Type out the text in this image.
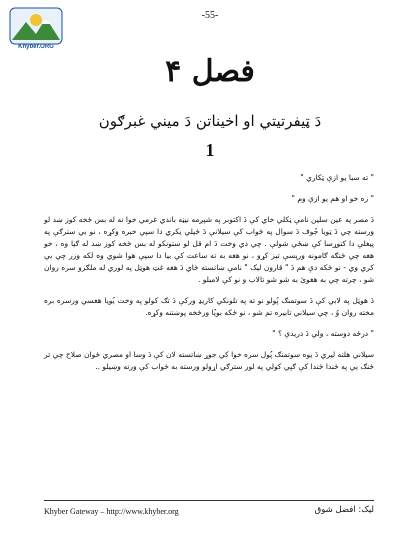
Khyber.ORG
-55-
فصل ۴
دَ ټيفرتيتي او اخيناتن دَ ميني غبرګون
1

" ته سبا يو ازې ټکاري "

" زه خو او هم يو ازې وم "

دَ مصر په عين سلين نامې ټکلي خاي کې دَ اکتوبر په شپږمه نيټه باندي غرمي خوا ته له بس ځخه کوز ښد لو ورسته چي دَ ټويا جُوف دَ سوال په ځواب کې سيلانې دَ ځيلي يکري دا سپي خبره وکړه ، نو بي سترګې په پيغلې دا کتوړسا کې ښځي شولې . چي دي وخت دَ ام قل لو ستونکو له بس ځخه کوز ښد له ګيا وه ، خو هغه چي ځنګه ګامونه ورپسې تيز کړو ، نو هغه به ته ساعت کي بيا دا سپې هوا شوي وه لکه وزر چي بي کري وي - نو ځکه دې هم دَ " قارون ليک " نامې ښاتسته ځاي دَ هغه غټ هوټل په لوري له ملګرو سره روان شو ، چرته چي به هغوئ به شو شو تالاب و نو کې لامبلو .

دَ هوټل په لابي کې دَ سوتمنګ پُولو نو ته په تلونکي کاريډ ورکې دَ تګ کولو په وخت يُويا هغسي ورسره بره مخته روان وُ ، چي سيلاني تابيره تم شو ، نو ځکه بويُا ورځخه پوښتنه وکړه.

" درځه دوسته ، ولي دَ دريدې ؟ "

سيلاني هلته ليري دَ يوه سوتمنګ پُول سره خوا کي جوړ ښاتسته لان کې دَ وسا او مصري ځوان صلاح چي تر ځنګ يي په ځندا ځندا کې ګپي کولي په لور سترګي اړولو ورسته به ځواب کې ورته وښيلو ..

Khyber Gateway – http://www.khyber.org	ليک: افضل شوق
